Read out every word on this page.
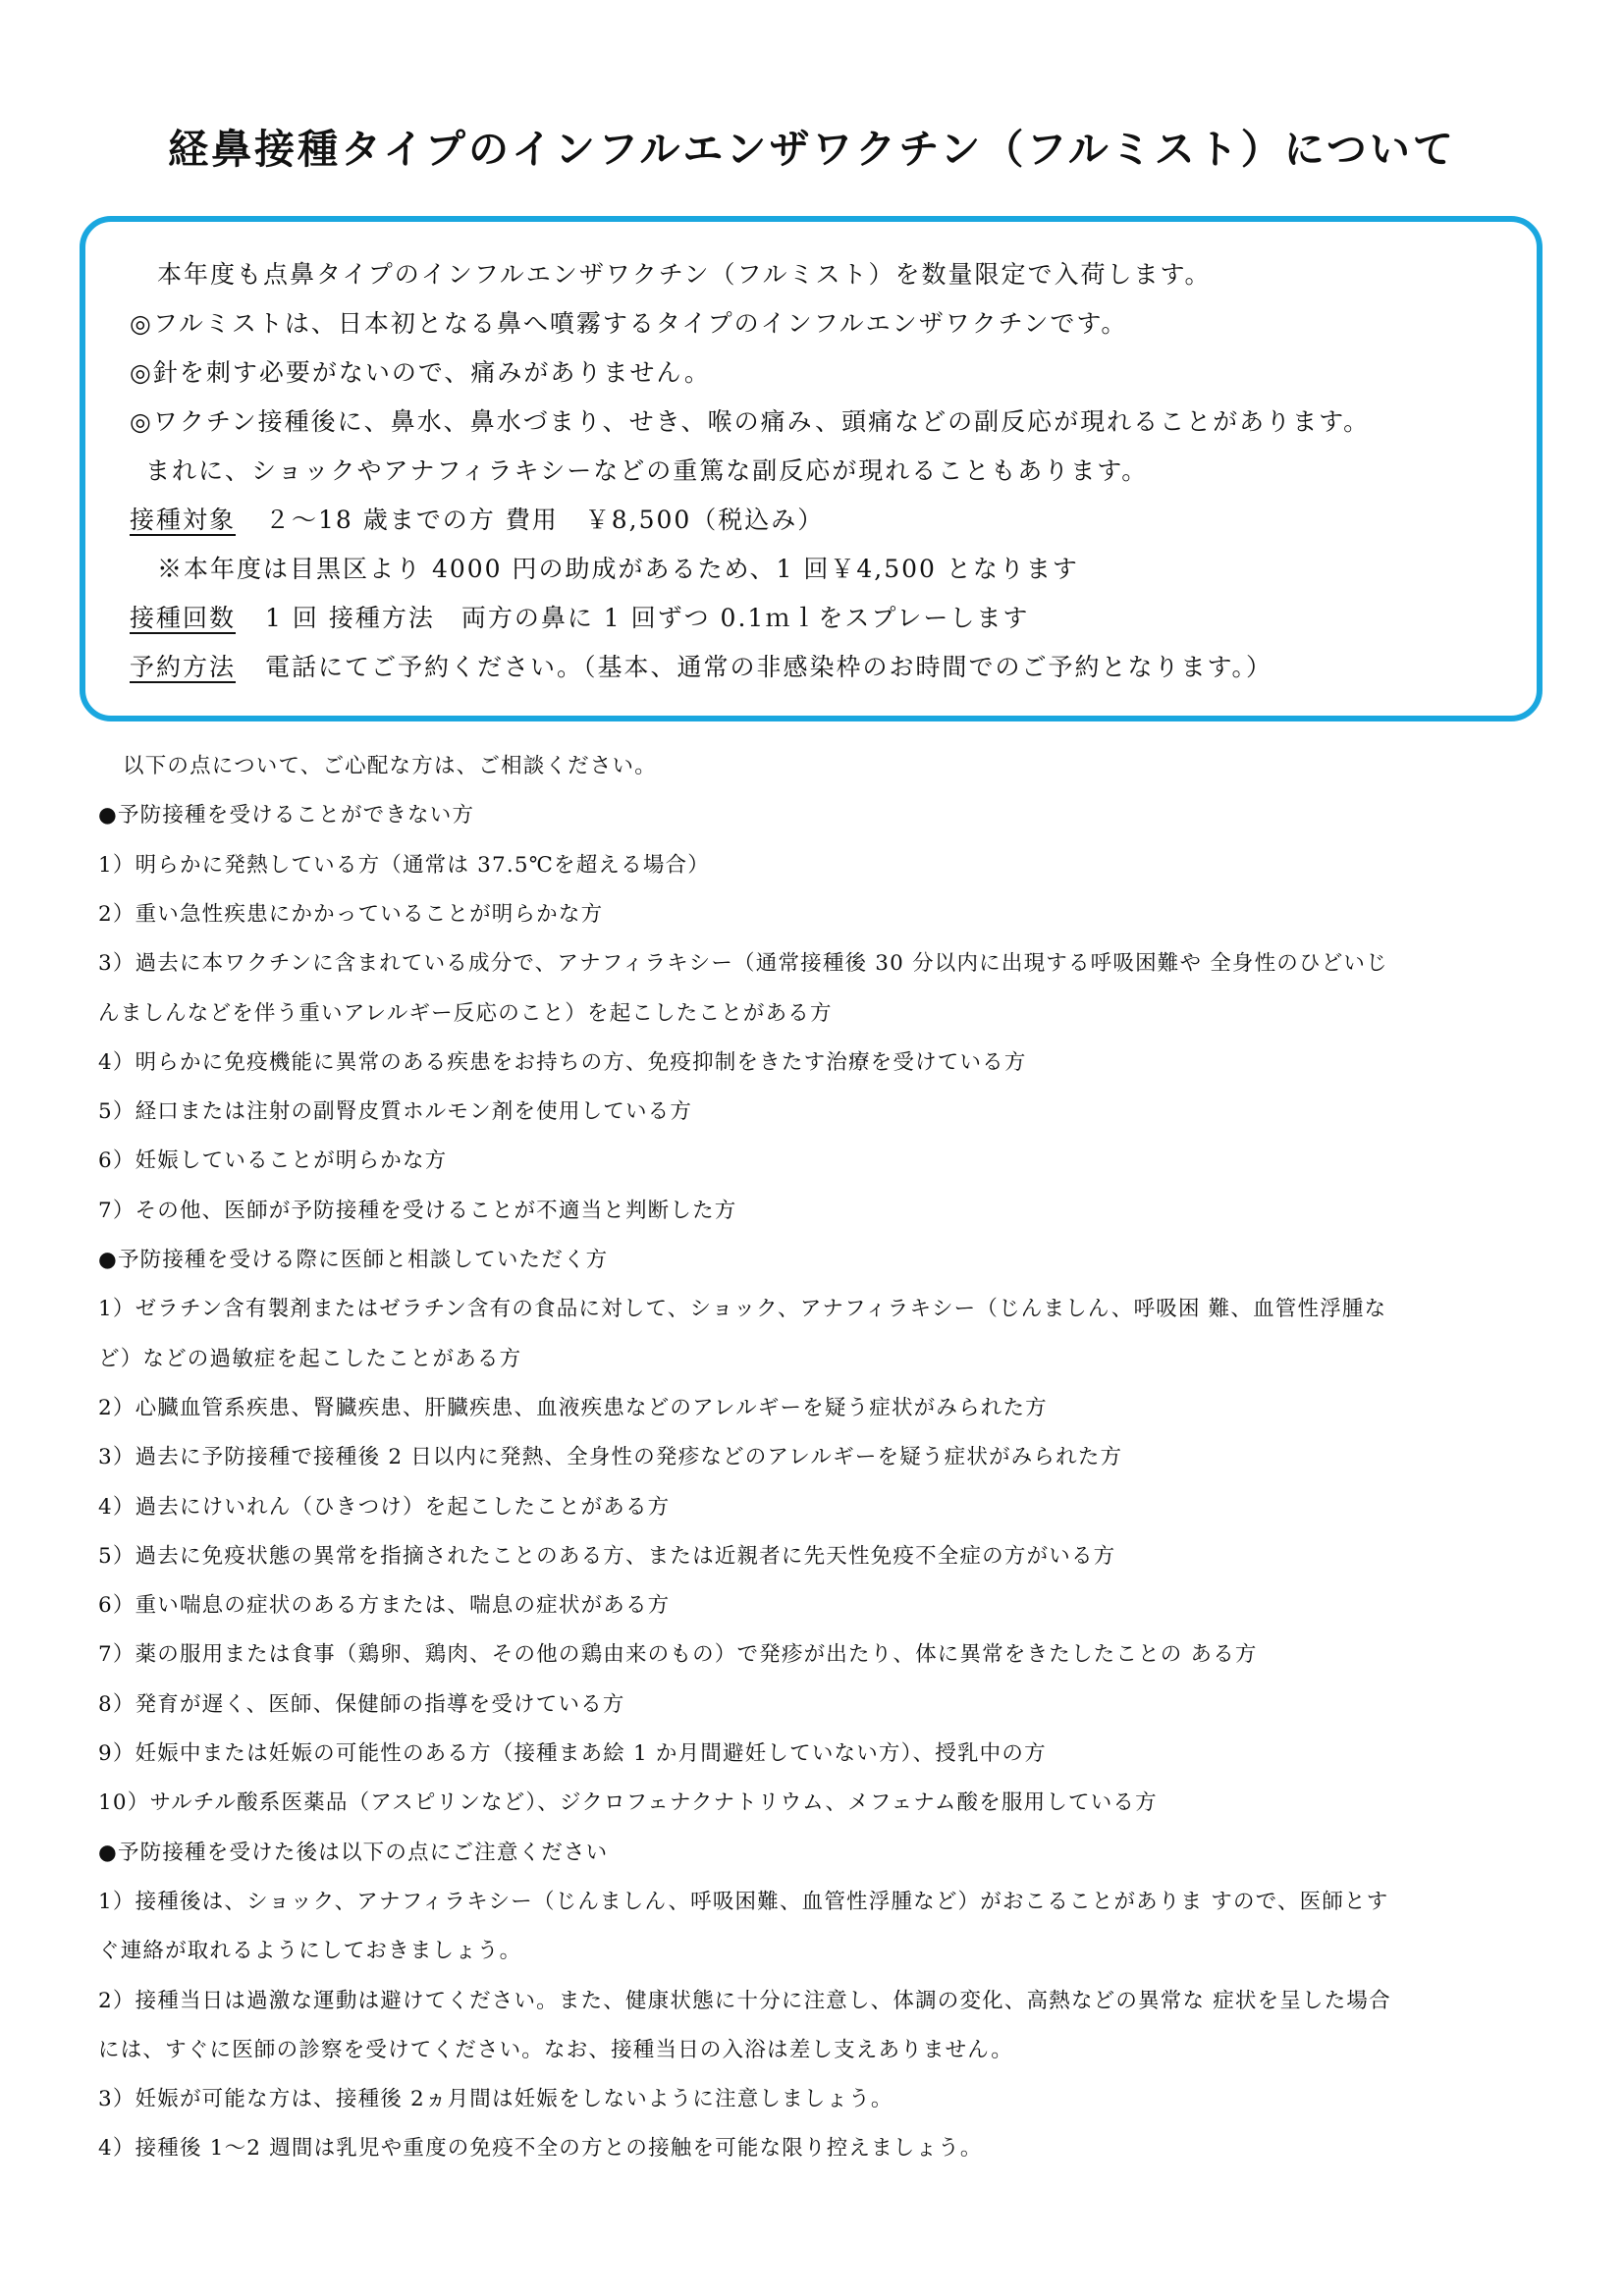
経鼻接種タイプのインフルエンザワクチン（フルミスト）について
本年度も点鼻タイプのインフルエンザワクチン（フルミスト）を数量限定で入荷します。
◎フルミストは、日本初となる鼻へ噴霧するタイプのインフルエンザワクチンです。
◎針を刺す必要がないので、痛みがありません。
◎ワクチン接種後に、鼻水、鼻水づまり、せき、喉の痛み、頭痛などの副反応が現れることがあります。
まれに、ショックやアナフィラキシーなどの重篤な副反応が現れることもあります。
接種対象 ２～18 歳までの方 費用　￥8,500（税込み）
※本年度は目黒区より 4000 円の助成があるため、1 回￥4,500 となります
接種回数 1 回 接種方法　両方の鼻に 1 回ずつ 0.1ｍｌをスプレーします
予約方法 電話にてご予約ください。（基本、通常の非感染枠のお時間でのご予約となります。）
以下の点について、ご心配な方は、ご相談ください。
●予防接種を受けることができない方
1）明らかに発熱している方（通常は 37.5℃を超える場合）
2）重い急性疾患にかかっていることが明らかな方
3）過去に本ワクチンに含まれている成分で、アナフィラキシー（通常接種後 30 分以内に出現する呼吸困難や 全身性のひどいじ
んましんなどを伴う重いアレルギー反応のこと）を起こしたことがある方
4）明らかに免疫機能に異常のある疾患をお持ちの方、免疫抑制をきたす治療を受けている方
5）経口または注射の副腎皮質ホルモン剤を使用している方
6）妊娠していることが明らかな方
7）その他、医師が予防接種を受けることが不適当と判断した方
●予防接種を受ける際に医師と相談していただく方
1）ゼラチン含有製剤またはゼラチン含有の食品に対して、ショック、アナフィラキシー（じんましん、呼吸困 難、血管性浮腫な
ど）などの過敏症を起こしたことがある方
2）心臓血管系疾患、腎臓疾患、肝臓疾患、血液疾患などのアレルギーを疑う症状がみられた方
3）過去に予防接種で接種後 2 日以内に発熱、全身性の発疹などのアレルギーを疑う症状がみられた方
4）過去にけいれん（ひきつけ）を起こしたことがある方
5）過去に免疫状態の異常を指摘されたことのある方、または近親者に先天性免疫不全症の方がいる方
6）重い喘息の症状のある方または、喘息の症状がある方
7）薬の服用または食事（鶏卵、鶏肉、その他の鶏由来のもの）で発疹が出たり、体に異常をきたしたことの ある方
8）発育が遅く、医師、保健師の指導を受けている方
9）妊娠中または妊娠の可能性のある方（接種まあ絵 1 か月間避妊していない方）、授乳中の方
10）サルチル酸系医薬品（アスピリンなど）、ジクロフェナクナトリウム、メフェナム酸を服用している方
●予防接種を受けた後は以下の点にご注意ください
1）接種後は、ショック、アナフィラキシー（じんましん、呼吸困難、血管性浮腫など）がおこることがありま すので、医師とす
ぐ連絡が取れるようにしておきましょう。
2）接種当日は過激な運動は避けてください。また、健康状態に十分に注意し、体調の変化、高熱などの異常な 症状を呈した場合
には、すぐに医師の診察を受けてください。なお、接種当日の入浴は差し支えありません。
3）妊娠が可能な方は、接種後 2ヵ月間は妊娠をしないように注意しましょう。
4）接種後 1～2 週間は乳児や重度の免疫不全の方との接触を可能な限り控えましょう。
